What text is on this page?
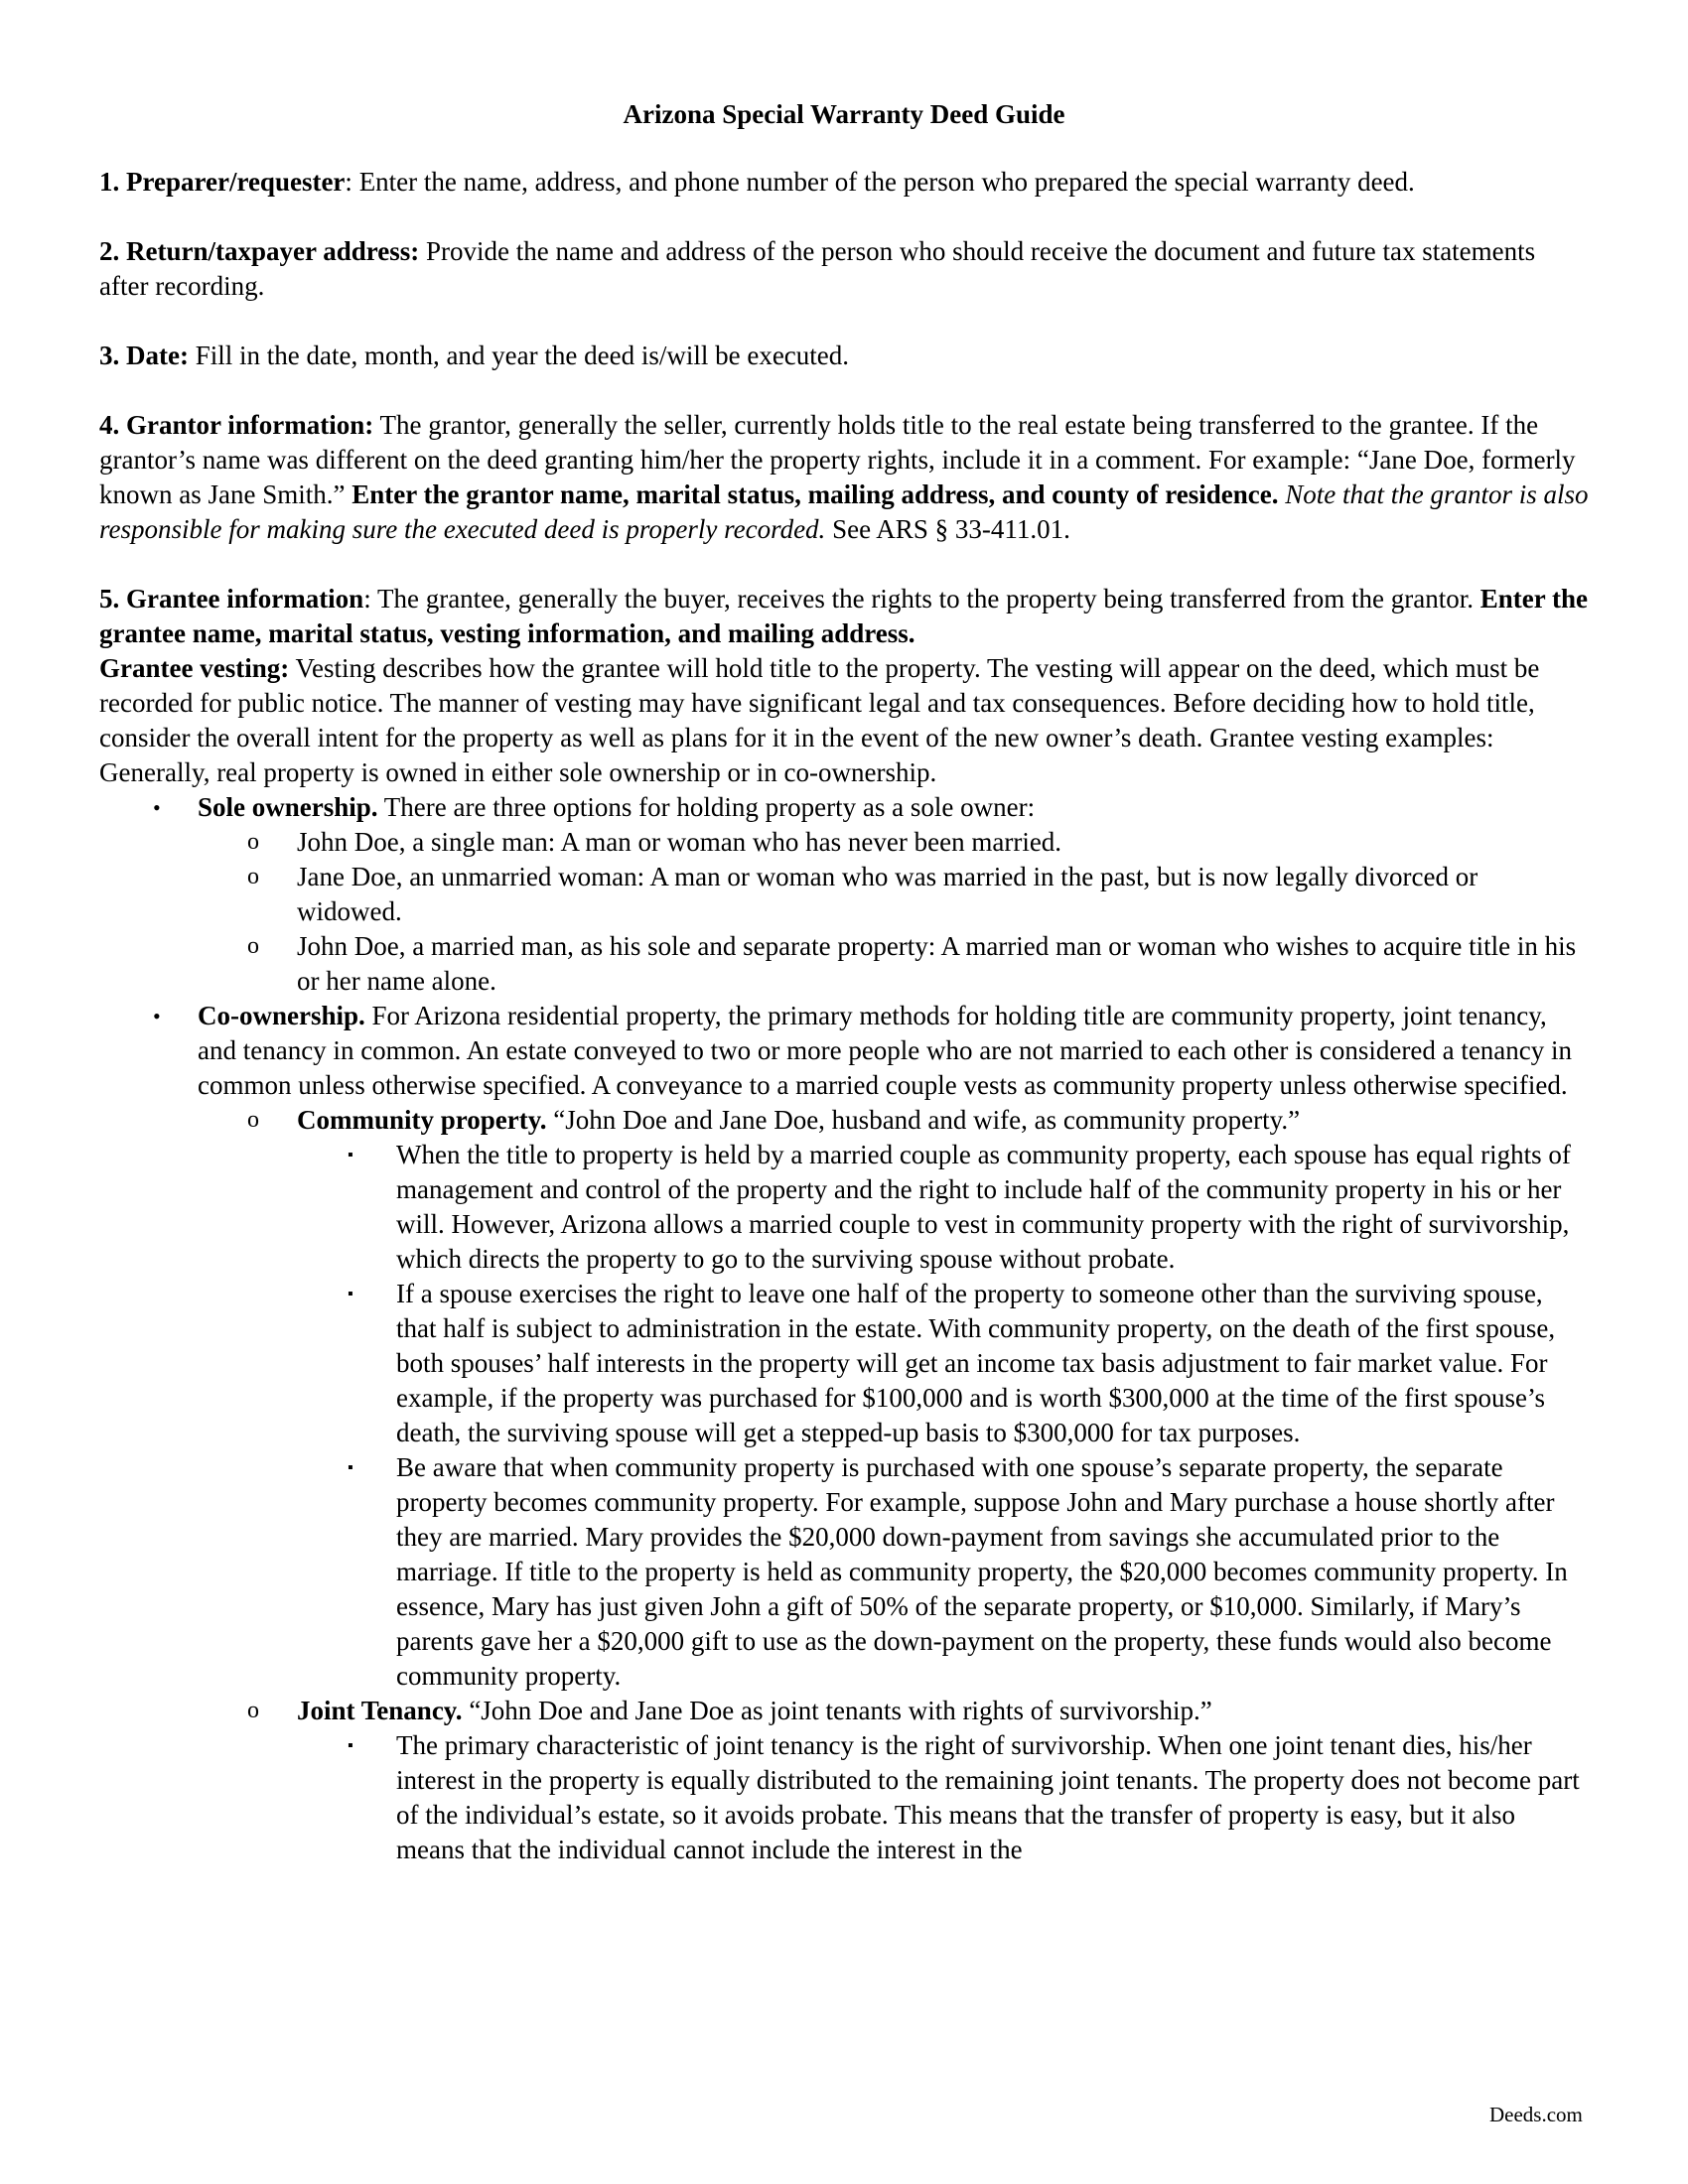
Arizona Special Warranty Deed Guide

1. Preparer/requester: Enter the name, address, and phone number of the person who prepared the special warranty deed.

2. Return/taxpayer address: Provide the name and address of the person who should receive the document and future tax statements after recording.

3. Date: Fill in the date, month, and year the deed is/will be executed.

4. Grantor information: The grantor, generally the seller, currently holds title to the real estate being transferred to the grantee. If the grantor’s name was different on the deed granting him/her the property rights, include it in a comment. For example: “Jane Doe, formerly known as Jane Smith.” Enter the grantor name, marital status, mailing address, and county of residence. Note that the grantor is also responsible for making sure the executed deed is properly recorded. See ARS § 33-411.01.

5. Grantee information: The grantee, generally the buyer, receives the rights to the property being transferred from the grantor. Enter the grantee name, marital status, vesting information, and mailing address.

Grantee vesting: Vesting describes how the grantee will hold title to the property. The vesting will appear on the deed, which must be recorded for public notice. The manner of vesting may have significant legal and tax consequences. Before deciding how to hold title, consider the overall intent for the property as well as plans for it in the event of the new owner’s death. Grantee vesting examples:

Generally, real property is owned in either sole ownership or in co-ownership.

• Sole ownership. There are three options for holding property as a sole owner:
o John Doe, a single man: A man or woman who has never been married.
o Jane Doe, an unmarried woman: A man or woman who was married in the past, but is now legally divorced or widowed.
o John Doe, a married man, as his sole and separate property: A married man or woman who wishes to acquire title in his or her name alone.
• Co-ownership. For Arizona residential property, the primary methods for holding title are community property, joint tenancy, and tenancy in common. An estate conveyed to two or more people who are not married to each other is considered a tenancy in common unless otherwise specified. A conveyance to a married couple vests as community property unless otherwise specified.
o Community property. “John Doe and Jane Doe, husband and wife, as community property.”
▪ When the title to property is held by a married couple as community property, each spouse has equal rights of management and control of the property and the right to include half of the community property in his or her will. However, Arizona allows a married couple to vest in community property with the right of survivorship, which directs the property to go to the surviving spouse without probate.
▪ If a spouse exercises the right to leave one half of the property to someone other than the surviving spouse, that half is subject to administration in the estate. With community property, on the death of the first spouse, both spouses’ half interests in the property will get an income tax basis adjustment to fair market value. For example, if the property was purchased for $100,000 and is worth $300,000 at the time of the first spouse’s death, the surviving spouse will get a stepped-up basis to $300,000 for tax purposes.
▪ Be aware that when community property is purchased with one spouse’s separate property, the separate property becomes community property. For example, suppose John and Mary purchase a house shortly after they are married. Mary provides the $20,000 down-payment from savings she accumulated prior to the marriage. If title to the property is held as community property, the $20,000 becomes community property. In essence, Mary has just given John a gift of 50% of the separate property, or $10,000. Similarly, if Mary’s parents gave her a $20,000 gift to use as the down-payment on the property, these funds would also become community property.
o Joint Tenancy. “John Doe and Jane Doe as joint tenants with rights of survivorship.”
▪ The primary characteristic of joint tenancy is the right of survivorship. When one joint tenant dies, his/her interest in the property is equally distributed to the remaining joint tenants. The property does not become part of the individual’s estate, so it avoids probate. This means that the transfer of property is easy, but it also means that the individual cannot include the interest in the
Deeds.com
